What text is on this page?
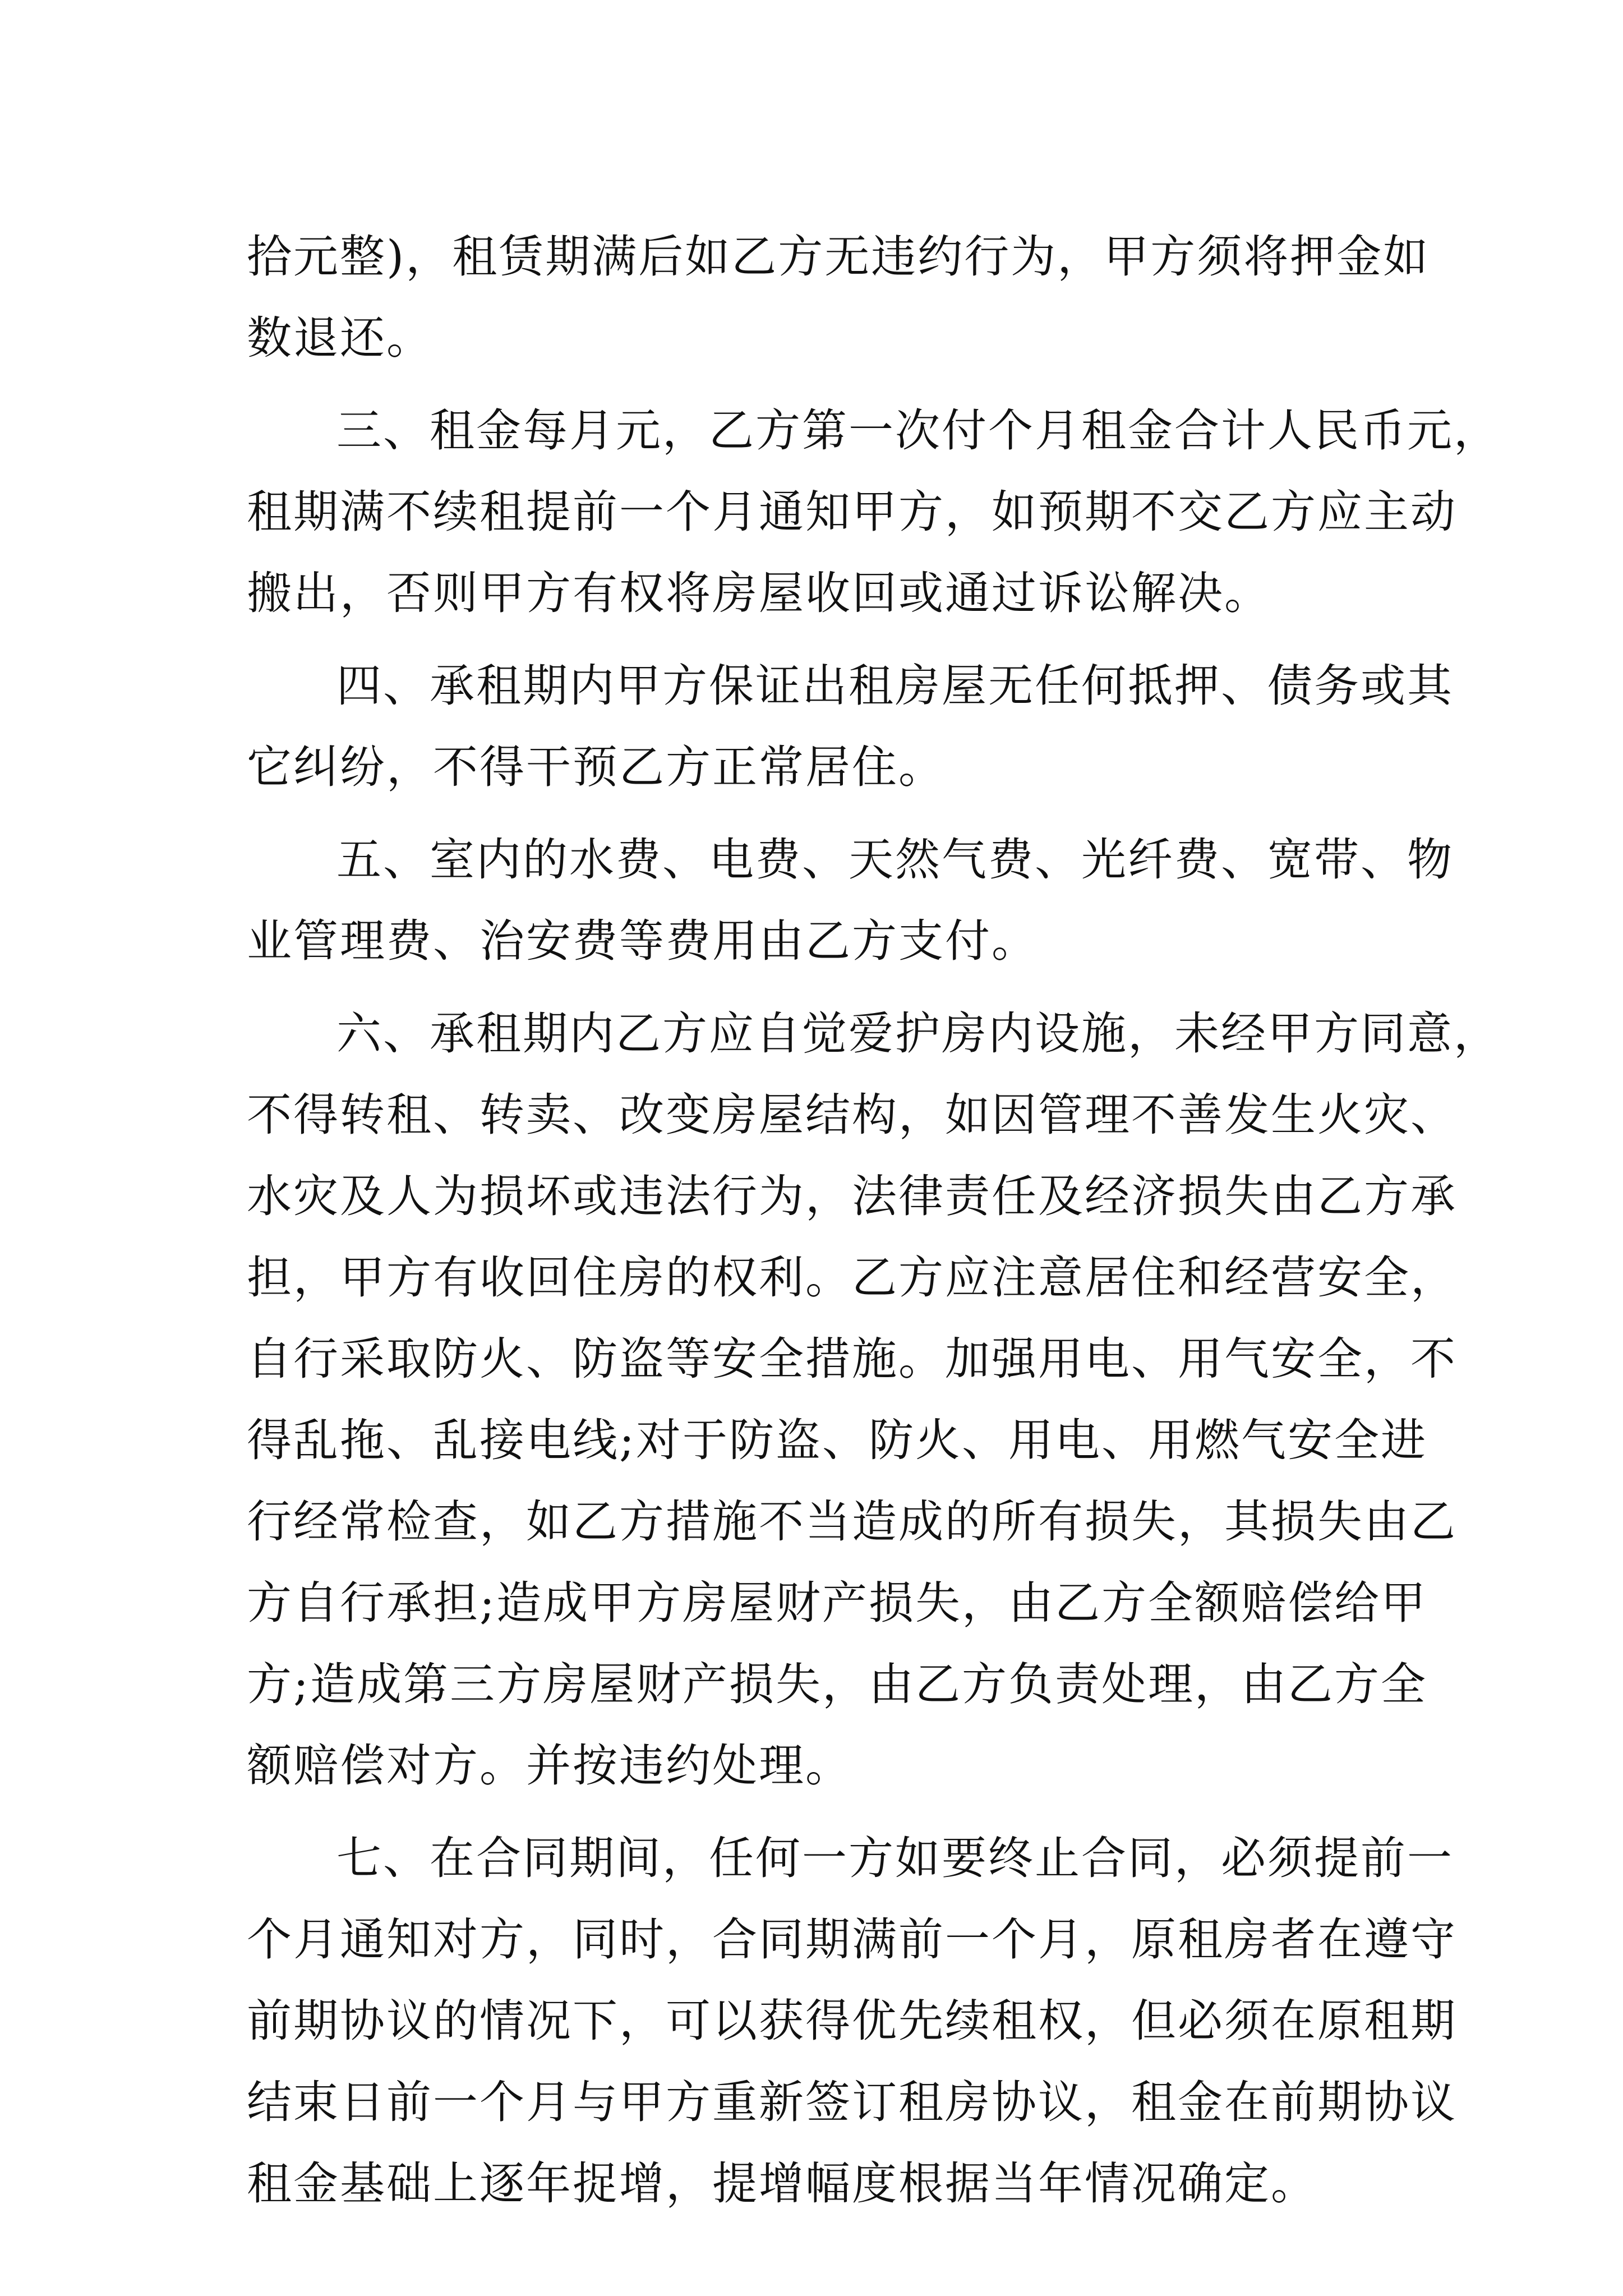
拾元整)，租赁期满后如乙方无违约行为，甲方须将押金如
数退还。
三、租金每月元，乙方第一次付个月租金合计人民币元，
租期满不续租提前一个月通知甲方，如预期不交乙方应主动
搬出，否则甲方有权将房屋收回或通过诉讼解决。
四、承租期内甲方保证出租房屋无任何抵押、债务或其
它纠纷，不得干预乙方正常居住。
五、室内的水费、电费、天然气费、光纤费、宽带、物
业管理费、治安费等费用由乙方支付。
六、承租期内乙方应自觉爱护房内设施，未经甲方同意，
不得转租、转卖、改变房屋结构，如因管理不善发生火灾、
水灾及人为损坏或违法行为，法律责任及经济损失由乙方承
担，甲方有收回住房的权利。乙方应注意居住和经营安全，
自行采取防火、防盗等安全措施。加强用电、用气安全，不
得乱拖、乱接电线;对于防盗、防火、用电、用燃气安全进
行经常检查，如乙方措施不当造成的所有损失，其损失由乙
方自行承担;造成甲方房屋财产损失，由乙方全额赔偿给甲
方;造成第三方房屋财产损失，由乙方负责处理，由乙方全
额赔偿对方。并按违约处理。
七、在合同期间，任何一方如要终止合同，必须提前一
个月通知对方，同时，合同期满前一个月，原租房者在遵守
前期协议的情况下，可以获得优先续租权，但必须在原租期
结束日前一个月与甲方重新签订租房协议，租金在前期协议
租金基础上逐年捉增，提增幅度根据当年情况确定。
